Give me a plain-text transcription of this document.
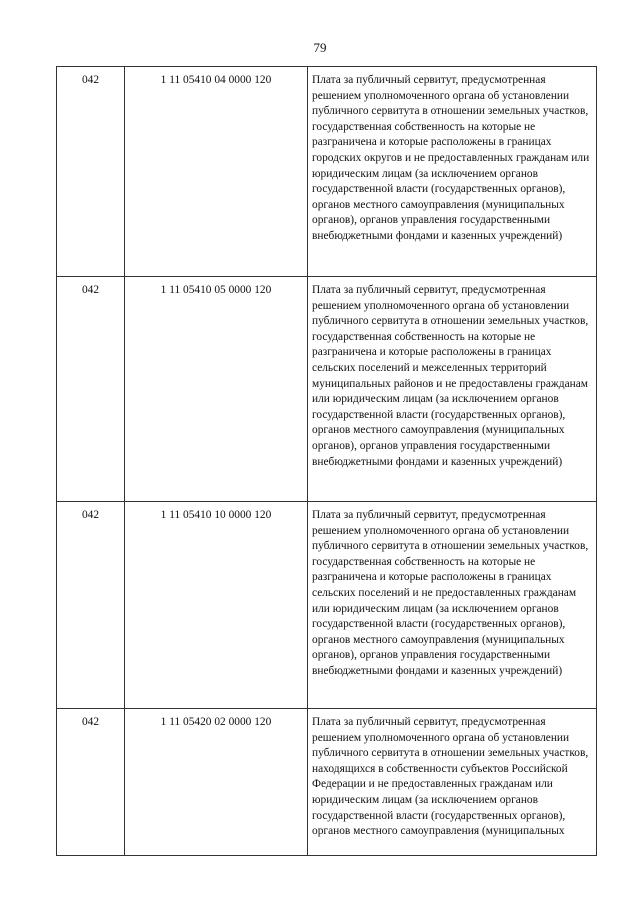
79
042	1 11 05410 04 0000 120	Плата за публичный сервитут, предусмотренная решением уполномоченного органа об установлении публичного сервитута в отношении земельных участков, государственная собственность на которые не разграничена и которые расположены в границах городских округов и не предоставленных гражданам или юридическим лицам (за исключением органов государственной власти (государственных органов), органов местного самоуправления (муниципальных органов), органов управления государственными внебюджетными фондами и казенных учреждений)
042	1 11 05410 05 0000 120	Плата за публичный сервитут, предусмотренная решением уполномоченного органа об установлении публичного сервитута в отношении земельных участков, государственная собственность на которые не разграничена и которые расположены в границах сельских поселений и межселенных территорий муниципальных районов и не предоставлены гражданам или юридическим лицам (за исключением органов государственной власти (государственных органов), органов местного самоуправления (муниципальных органов), органов управления государственными внебюджетными фондами и казенных учреждений)
042	1 11 05410 10 0000 120	Плата за публичный сервитут, предусмотренная решением уполномоченного органа об установлении публичного сервитута в отношении земельных участков, государственная собственность на которые не разграничена и которые расположены в границах сельских поселений и не предоставленных гражданам или юридическим лицам (за исключением органов государственной власти (государственных органов), органов местного самоуправления (муниципальных органов), органов управления государственными внебюджетными фондами и казенных учреждений)
042	1 11 05420 02 0000 120	Плата за публичный сервитут, предусмотренная решением уполномоченного органа об установлении публичного сервитута в отношении земельных участков, находящихся в собственности субъектов Российской Федерации и не предоставленных гражданам или юридическим лицам (за исключением органов государственной власти (государственных органов), органов местного самоуправления (муниципальных
